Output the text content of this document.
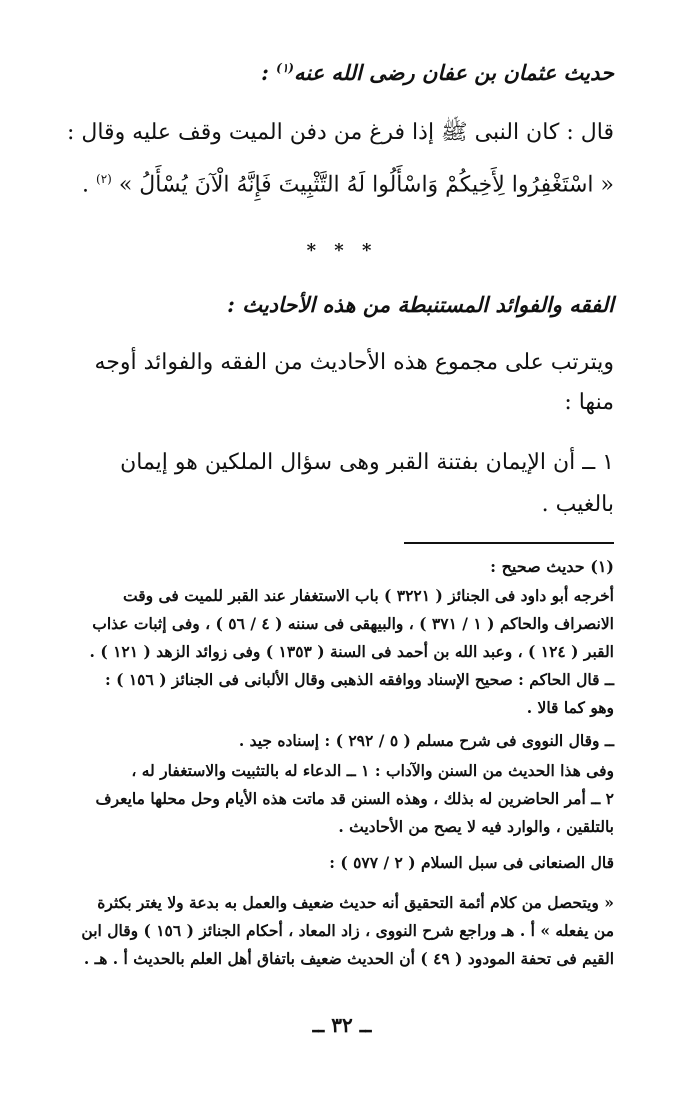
حديث عثمان بن عفان رضى الله عنه$^{(١)}$ :
قال : كان النبى ﷺ إذا فرغ من دفن الميت وقف عليه وقال :
« اسْتَغْفِرُوا لِأَخِيكُمْ وَاسْأَلُوا لَهُ التَّثْبِيتَ فَإِنَّهُ الْآنَ يُسْأَلُ » $^{(٢)}$ .
* * *
الفقه والفوائد المستنبطة من هذه الأحاديث :
ويترتب على مجموع هذه الأحاديث من الفقه والفوائد أوجه
منها :
١ ــ أن الإيمان بفتنة القبر وهى سؤال الملكين هو إيمان
بالغيب .
(١) حديث صحيح :
أخرجه أبو داود فى الجنائز ( ٣٢٢١ ) باب الاستغفار عند القبر للميت فى وقت
الانصراف والحاكم ( ١ / ٣٧١ ) ، والبيهقى فى سننه ( ٤ / ٥٦ ) ، وفى إثبات عذاب
القبر ( ١٢٤ ) ، وعبد الله بن أحمد فى السنة ( ١٣٥٣ ) وفى زوائد الزهد ( ١٢١ ) .
ــ قال الحاكم : صحيح الإسناد ووافقه الذهبى وقال الألبانى فى الجنائز ( ١٥٦ ) :
وهو كما قالا .
ــ وقال النووى فى شرح مسلم ( ٥ / ٢٩٢ ) : إسناده جيد .
وفى هذا الحديث من السنن والآداب : ١ ــ الدعاء له بالتثبيت والاستغفار له ،
٢ ــ أمر الحاضرين له بذلك ، وهذه السنن قد ماتت هذه الأيام وحل محلها مايعرف
بالتلقين ، والوارد فيه لا يصح من الأحاديث .
قال الصنعانى فى سبل السلام ( ٢ / ٥٧٧ ) :
« ويتحصل من كلام أئمة التحقيق أنه حديث ضعيف والعمل به بدعة ولا يغتر بكثرة
من يفعله » أ . هـ وراجع شرح النووى ، زاد المعاد ، أحكام الجنائز ( ١٥٦ ) وقال ابن
القيم فى تحفة المودود ( ٤٩ ) أن الحديث ضعيف باتفاق أهل العلم بالحديث أ . هـ .
ــ ٣٢ ــ
